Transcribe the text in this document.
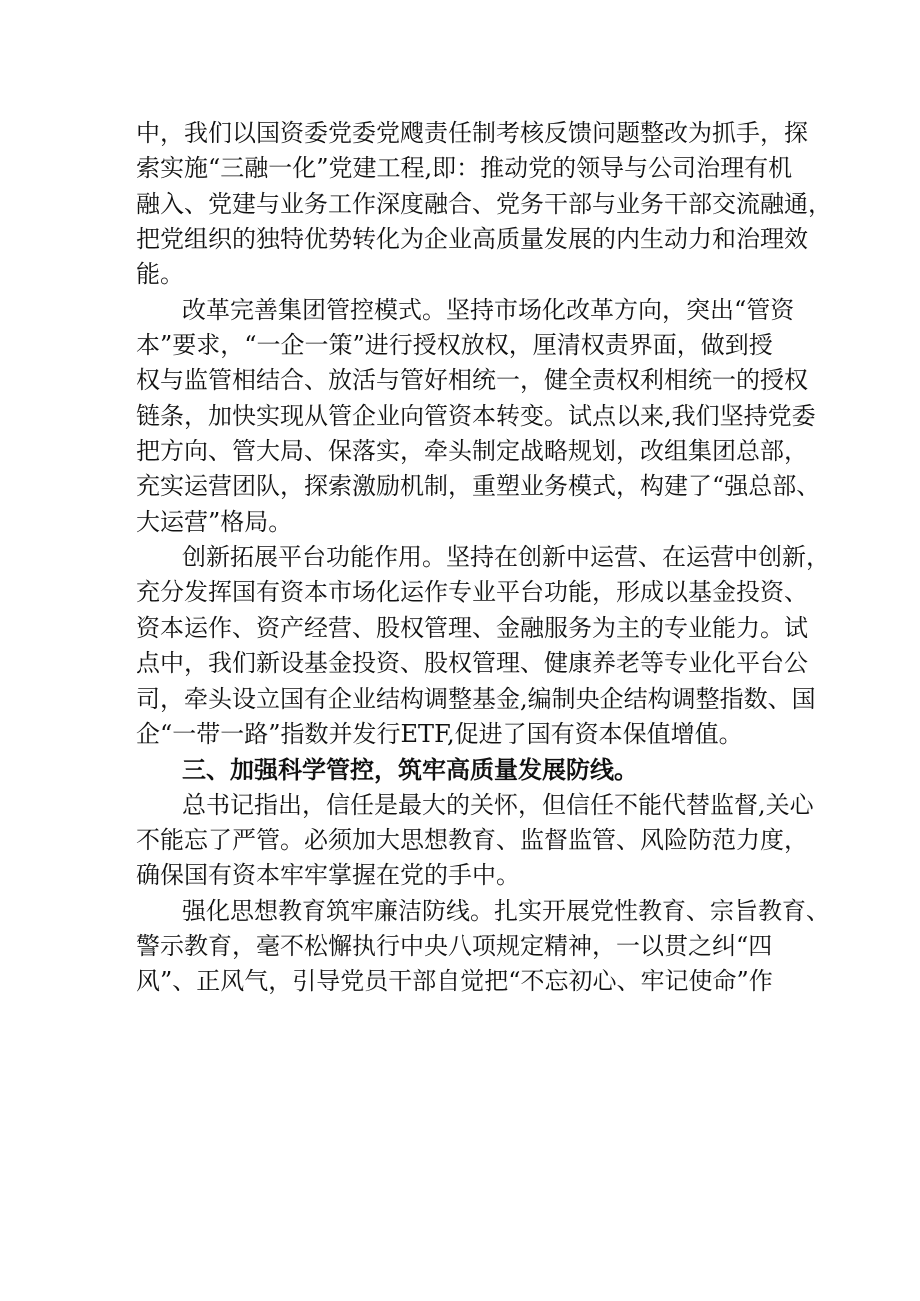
中，我们以国资委党委党飕责任制考核反馈问题整改为抓手，探
索实施“三融一化”党建工程,即：推动党的领导与公司治理有机
融入、党建与业务工作深度融合、党务干部与业务干部交流融通，
把党组织的独特优势转化为企业高质量发展的内生动力和治理效
能。
改革完善集团管控模式。坚持市场化改革方向，突出“管资
本”要求，“一企一策”进行授权放权，厘清权责界面，做到授
权与监管相结合、放活与管好相统一，健全责权利相统一的授权
链条，加快实现从管企业向管资本转变。试点以来,我们坚持党委
把方向、管大局、保落实，牵头制定战略规划，改组集团总部，
充实运营团队，探索激励机制，重塑业务模式，构建了“强总部、
大运营”格局。
创新拓展平台功能作用。坚持在创新中运营、在运营中创新，
充分发挥国有资本市场化运作专业平台功能，形成以基金投资、
资本运作、资产经营、股权管理、金融服务为主的专业能力。试
点中，我们新设基金投资、股权管理、健康养老等专业化平台公
司，牵头设立国有企业结构调整基金,编制央企结构调整指数、国
企“一带一路”指数并发行ETF,促进了国有资本保值增值。
三、加强科学管控，筑牢高质量发展防线。
总书记指出，信任是最大的关怀，但信任不能代替监督,关心
不能忘了严管。必须加大思想教育、监督监管、风险防范力度，
确保国有资本牢牢掌握在党的手中。
强化思想教育筑牢廉洁防线。扎实开展党性教育、宗旨教育、
警示教育，毫不松懈执行中央八项规定精神，一以贯之纠“四
风”、正风气，引导党员干部自觉把“不忘初心、牢记使命”作
